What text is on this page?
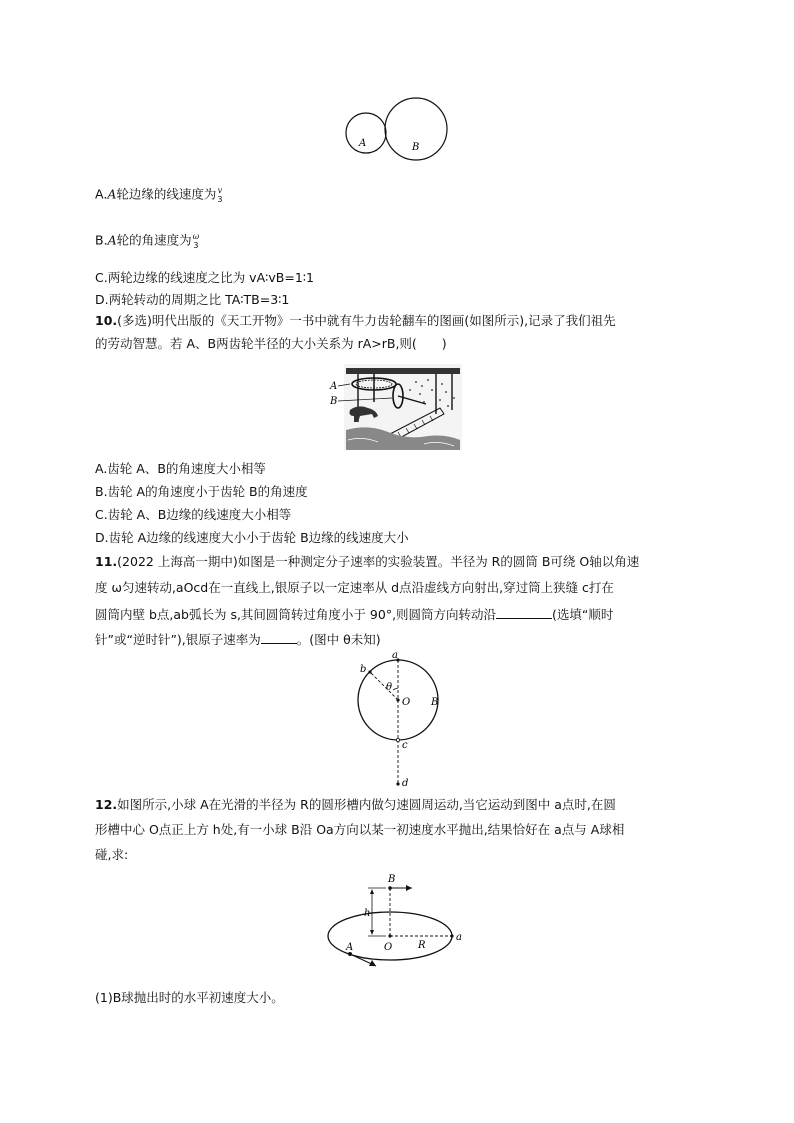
A	B
A.A轮边缘的线速度为 v
3
B.A轮的角速度为 ω
3
C.两轮边缘的线速度之比为 vA∶vB=1∶1
D.两轮转动的周期之比 TA∶TB=3∶1
10.(多选)明代出版的《天工开物》一书中就有牛力齿轮翻车的图画(如图所示),记录了我们祖先
的劳动智慧。若 A、B两齿轮半径的大小关系为 rA>rB,则(　　)
A
B
A.齿轮 A、B的角速度大小相等
B.齿轮 A的角速度小于齿轮 B的角速度
C.齿轮 A、B边缘的线速度大小相等
D.齿轮 A边缘的线速度大小小于齿轮 B边缘的线速度大小
11.(2022 上海高一期中)如图是一种测定分子速率的实验装置。半径为 R的圆筒 B可绕 O轴以角速
度 ω匀速转动,aOcd在一直线上,银原子以一定速率从 d点沿虚线方向射出,穿过筒上狭缝 c打在
圆筒内壁 b点,ab弧长为 s,其间圆筒转过角度小于 90°,则圆筒方向转动沿	(选填“顺时
针”或“逆时针”),银原子速率为	。(图中 θ未知)
a
b
θ
O B
c
d
12.如图所示,小球 A在光滑的半径为 R的圆形槽内做匀速圆周运动,当它运动到图中 a点时,在圆
形槽中心 O点正上方 h处,有一小球 B沿 Oa方向以某一初速度水平抛出,结果恰好在 a点与 A球相
碰,求:
B
h
O	R
a
A
(1)B球抛出时的水平初速度大小。
